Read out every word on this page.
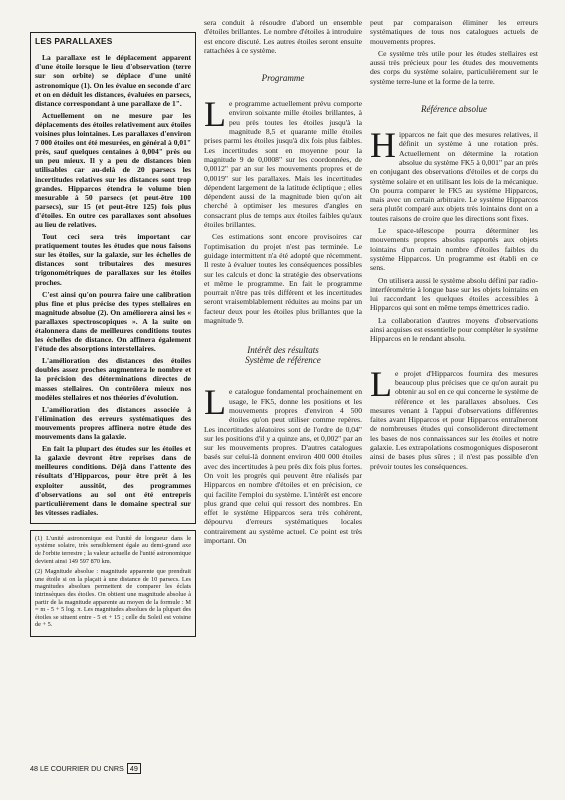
LES PARALLAXES

La parallaxe est le déplacement apparent d'une étoile lorsque le lieu d'observation (terre sur son orbite) se déplace d'une unité astronomique (1). On les évalue en seconde d'arc et on en déduit les distances, évaluées en parsecs, distance correspondant à une parallaxe de 1".

Actuellement on ne mesure par les déplacements des étoiles relativement aux étoiles voisines plus lointaines. Les parallaxes d'environ 7 000 étoiles ont été mesurées, en général à 0,01" près, sauf quelques centaines à 0,004" près ou un peu mieux. Il y a peu de distances bien utilisables car au-delà de 20 parsecs les incertitudes relatives sur les distances sont trop grandes. Hipparcos étendra le volume bien mesurable à 50 parsecs (et peut-être 100 parsecs), sur 15 (et peut-être 125) fois plus d'étoiles. En outre ces parallaxes sont absolues au lieu de relatives.

Tout ceci sera très important car pratiquement toutes les études que nous faisons sur les étoiles, sur la galaxie, sur les échelles de distances sont tributaires des mesures trigonométriques de parallaxes sur les étoiles proches.

C'est ainsi qu'on pourra faire une calibration plus fine et plus précise des types stellaires en magnitude absolue (2). On améliorera ainsi les « parallaxes spectroscopiques ». A la suite on étalonnera dans de meilleures conditions toutes les échelles de distance. On affinera également l'étude des absorptions interstellaires.

L'amélioration des distances des étoiles doubles assez proches augmentera le nombre et la précision des déterminations directes de masses stellaires. On contrôlera mieux nos modèles stellaires et nos théories d'évolution.

L'amélioration des distances associée à l'élimination des erreurs systématiques des mouvements propres affinera notre étude des mouvements dans la galaxie.

En fait la plupart des études sur les étoiles et la galaxie devront être reprises dans de meilleures conditions. Déjà dans l'attente des résultats d'Hipparcos, pour être prêt à les exploiter aussitôt, des programmes d'observations au sol ont été entrepris particulièrement dans le domaine spectral sur les vitesses radiales.

(1) L'unité astronomique est l'unité de longueur dans le système solaire, très sensiblement égale au demi-grand axe de l'orbite terrestre ; la valeur actuelle de l'unité astronomique devient ainsi 149 597 870 km.

(2) Magnitude absolue : magnitude apparente que prendrait une étoile si on la plaçait à une distance de 10 parsecs. Les magnitudes absolues permettent de comparer les éclats intrinsèques des étoiles. On obtient une magnitude absolue à partir de la magnitude apparente au moyen de la formule : M = m - 5 + 5 log. π. Les magnitudes absolues de la plupart des étoiles se situent entre - 5 et + 15 ; celle du Soleil est voisine de + 5.

sera conduit à résoudre d'abord un ensemble d'étoiles brillantes. Le nombre d'étoiles à introduire est encore discuté. Les autres étoiles seront ensuite rattachées à ce système.

Programme

Le programme actuellement prévu comporte environ soixante mille étoiles brillantes, à peu près toutes les étoiles jusqu'à la magnitude 8,5 et quarante mille étoiles prises parmi les étoiles jusqu'à dix fois plus faibles. Les incertitudes sont en moyenne pour la magnitude 9 de 0,0008" sur les coordonnées, de 0,0012" par an sur les mouvements propres et de 0,0019" sur les parallaxes. Mais les incertitudes dépendent largement de la latitude écliptique ; elles dépendent aussi de la magnitude bien qu'on ait cherché à optimiser les mesures d'angles en consacrant plus de temps aux étoiles faibles qu'aux étoiles brillantes.

Ces estimations sont encore provisoires car l'optimisation du projet n'est pas terminée. Le guidage intermittent n'a été adopté que récemment. Il reste à évaluer toutes les conséquences possibles sur les calculs et donc la stratégie des observations et même le programme. En fait le programme pourrait n'être pas très différent et les incertitudes seront vraisemblablement réduites au moins par un facteur deux pour les étoiles plus brillantes que la magnitude 9.

Intérêt des résultats
Système de référence

Le catalogue fondamental prochainement en usage, le FK5, donne les positions et les mouvements propres d'environ 4 500 étoiles qu'on peut utiliser comme repères. Les incertitudes aléatoires sont de l'ordre de 0,04" sur les positions d'il y a quinze ans, et 0,002" par an sur les mouvements propres. D'autres catalogues basés sur celui-là donnent environ 400 000 étoiles avec des incertitudes à peu près dix fois plus fortes. On voit les progrès qui peuvent être réalisés par Hipparcos en nombre d'étoiles et en précision, ce qui facilite l'emploi du système. L'intérêt est encore plus grand que celui qui ressort des nombres. En effet le système Hipparcos sera très cohérent, dépourvu d'erreurs systématiques locales contrairement au système actuel. Ce point est très important. On

peut par comparaison éliminer les erreurs systématiques de tous nos catalogues actuels de mouvements propres.

Ce système très utile pour les études stellaires est aussi très précieux pour les études des mouvements des corps du système solaire, particulièrement sur le système terre-lune et la forme de la terre.

Référence absolue

Hipparcos ne fait que des mesures relatives, il définit un système à une rotation près. Actuellement on détermine la rotation absolue du système FK5 à 0,001" par an près en conjugant des observations d'étoiles et de corps du système solaire et en utilisant les lois de la mécanique. On pourra comparer le FK5 au système Hipparcos, mais avec un certain arbitraire. Le système Hipparcos sera plutôt comparé aux objets très lointains dont on a toutes raisons de croire que les directions sont fixes.

Le space-télescope pourra déterminer les mouvements propres absolus rapportés aux objets lointains d'un certain nombre d'étoiles faibles du système Hipparcos. Un programme est établi en ce sens.

On utilisera aussi le système absolu défini par radio-interférométrie à longue base sur les objets lointains en lui raccordant les quelques étoiles accessibles à Hipparcos qui sont en même temps émettrices radio.

La collaboration d'autres moyens d'observations ainsi acquises est essentielle pour compléter le système Hipparcos en le rendant absolu.

Le projet d'Hipparcos fournira des mesures beaucoup plus précises que ce qu'on aurait pu obtenir au sol en ce qui concerne le système de référence et les parallaxes absolues. Ces mesures venant à l'appui d'observations différentes faites avant Hipparcos et pour Hipparcos entraîneront de nombreuses études qui consolideront directement les bases de nos connaissances sur les étoiles et notre galaxie. Les extrapolations cosmogoniques disposeront ainsi de bases plus sûres ; il n'est pas possible d'en prévoir toutes les conséquences.

48 LE COURRIER DU CNRS 49
